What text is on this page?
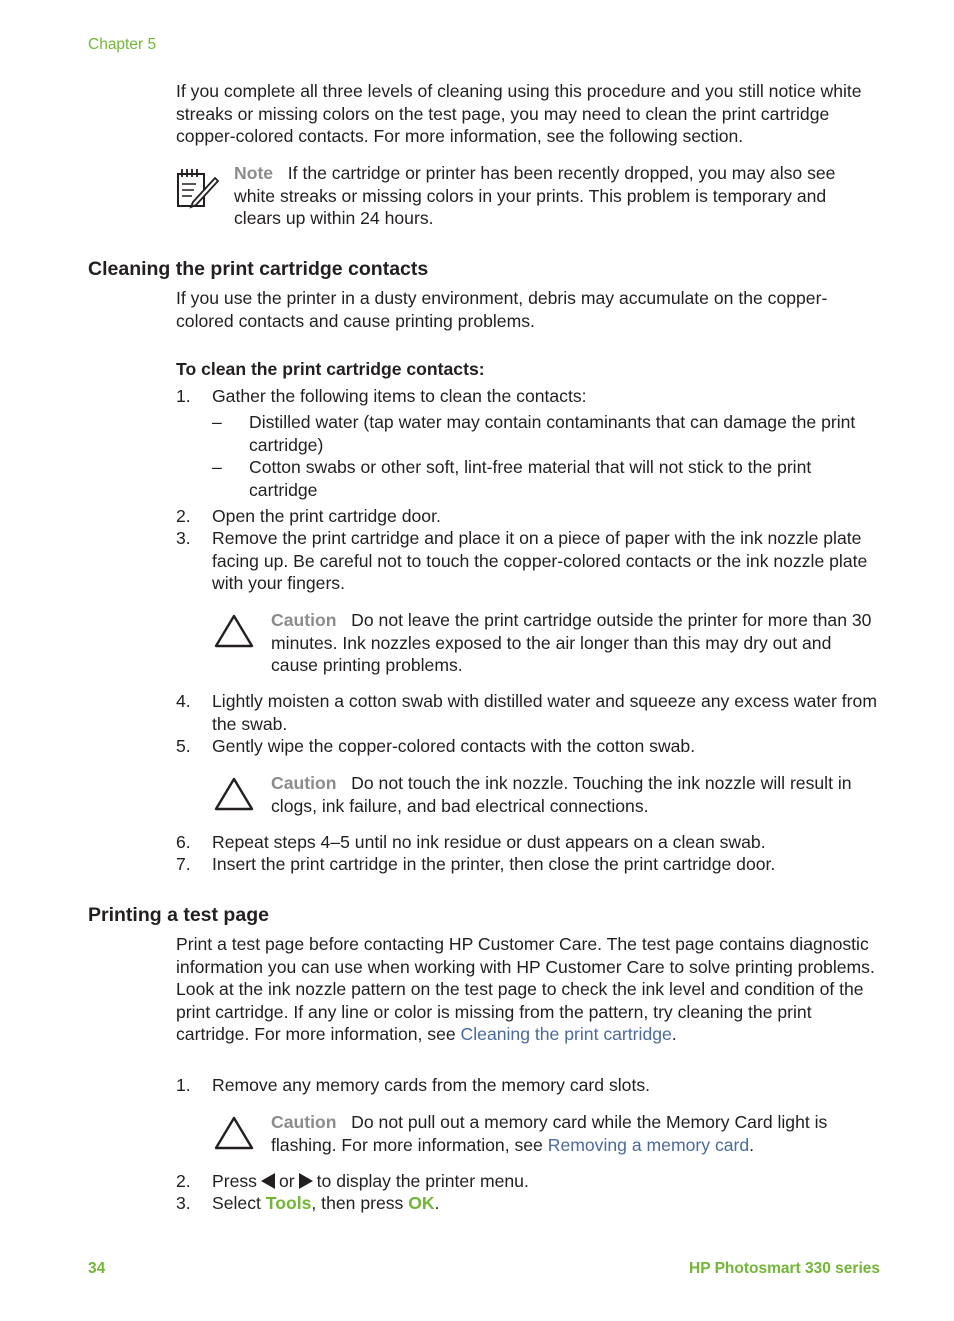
Chapter 5
If you complete all three levels of cleaning using this procedure and you still notice white streaks or missing colors on the test page, you may need to clean the print cartridge copper-colored contacts. For more information, see the following section.
Note If the cartridge or printer has been recently dropped, you may also see white streaks or missing colors in your prints. This problem is temporary and clears up within 24 hours.
Cleaning the print cartridge contacts
If you use the printer in a dusty environment, debris may accumulate on the copper-colored contacts and cause printing problems.
To clean the print cartridge contacts:
1. Gather the following items to clean the contacts:
– Distilled water (tap water may contain contaminants that can damage the print cartridge)
– Cotton swabs or other soft, lint-free material that will not stick to the print cartridge
2. Open the print cartridge door.
3. Remove the print cartridge and place it on a piece of paper with the ink nozzle plate facing up. Be careful not to touch the copper-colored contacts or the ink nozzle plate with your fingers.
Caution Do not leave the print cartridge outside the printer for more than 30 minutes. Ink nozzles exposed to the air longer than this may dry out and cause printing problems.
4. Lightly moisten a cotton swab with distilled water and squeeze any excess water from the swab.
5. Gently wipe the copper-colored contacts with the cotton swab.
Caution Do not touch the ink nozzle. Touching the ink nozzle will result in clogs, ink failure, and bad electrical connections.
6. Repeat steps 4–5 until no ink residue or dust appears on a clean swab.
7. Insert the print cartridge in the printer, then close the print cartridge door.
Printing a test page
Print a test page before contacting HP Customer Care. The test page contains diagnostic information you can use when working with HP Customer Care to solve printing problems. Look at the ink nozzle pattern on the test page to check the ink level and condition of the print cartridge. If any line or color is missing from the pattern, try cleaning the print cartridge. For more information, see Cleaning the print cartridge.
1. Remove any memory cards from the memory card slots.
Caution Do not pull out a memory card while the Memory Card light is flashing. For more information, see Removing a memory card.
2. Press or to display the printer menu.
3. Select Tools, then press OK.
34	HP Photosmart 330 series
